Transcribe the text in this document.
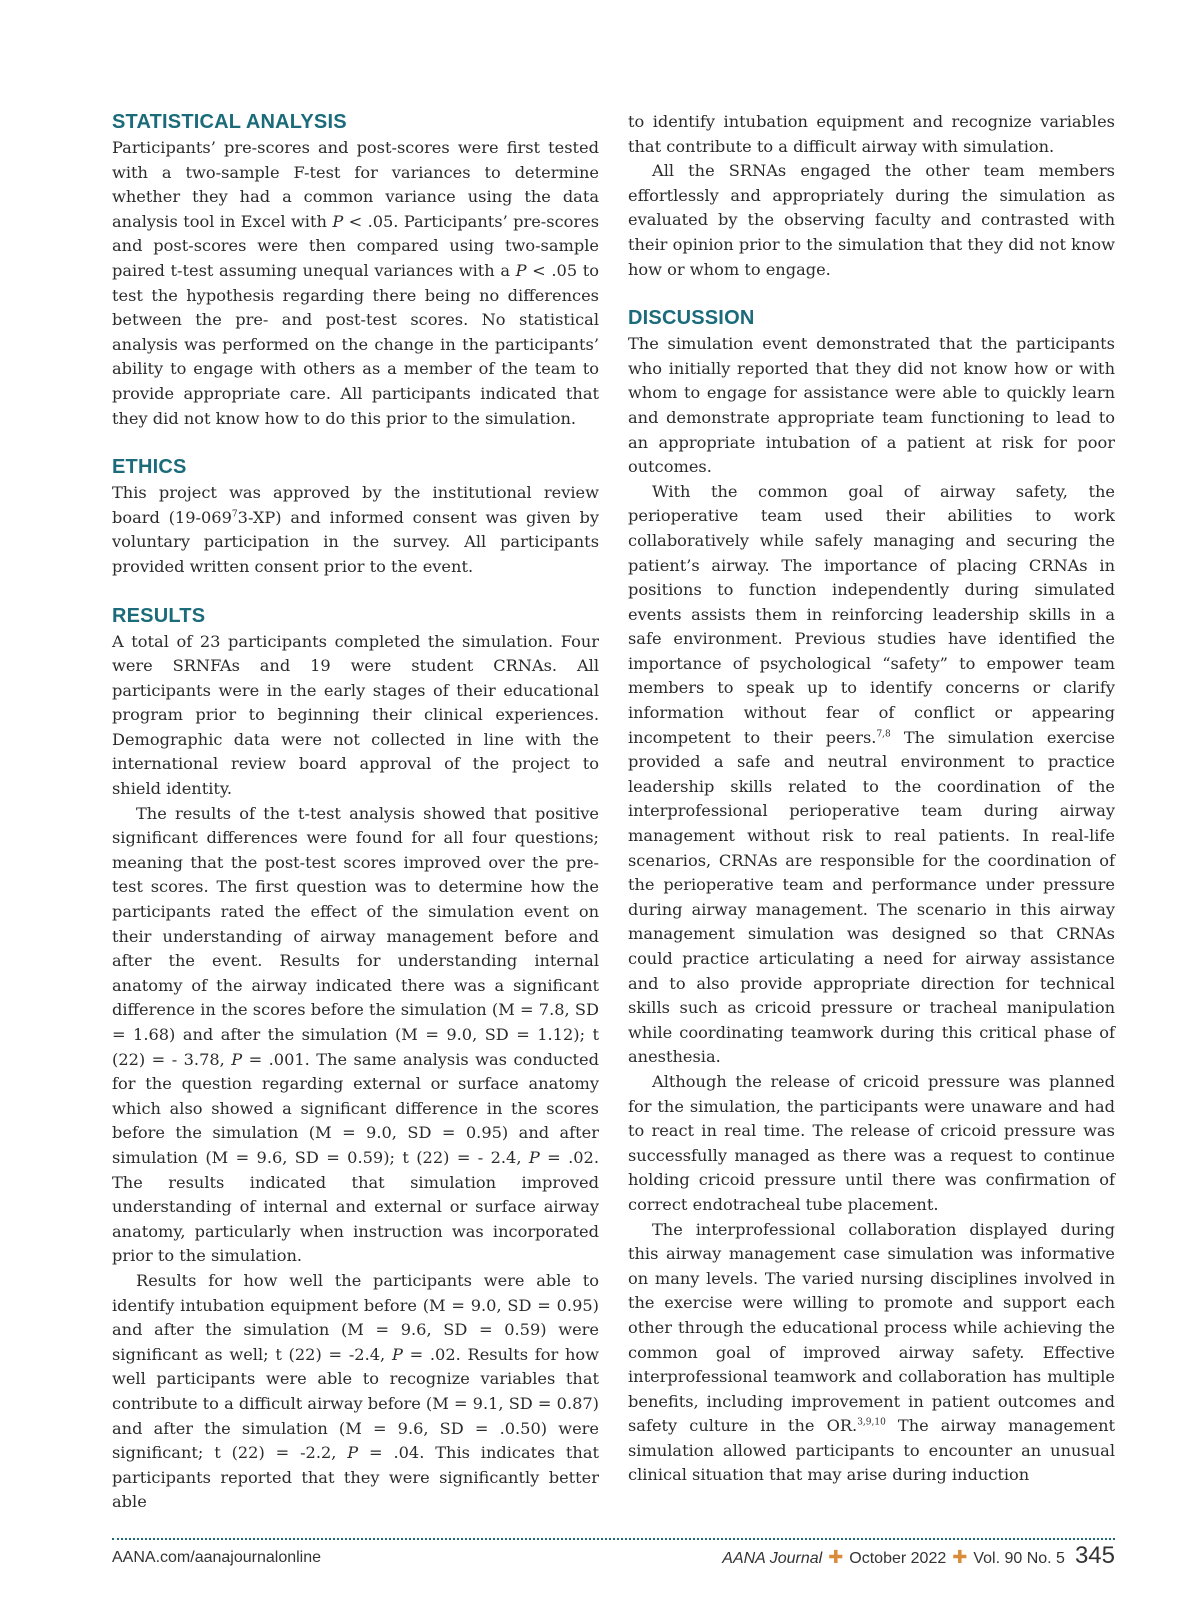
STATISTICAL ANALYSIS

Participants’ pre-scores and post-scores were first tested with a two-sample F-test for variances to determine whether they had a common variance using the data analysis tool in Excel with P < .05. Participants’ pre-scores and post-scores were then compared using two-sample paired t-test assuming unequal variances with a P < .05 to test the hypothesis regarding there being no differences between the pre- and post-test scores. No statistical analysis was performed on the change in the participants’ ability to engage with others as a member of the team to provide appropriate care. All participants indicated that they did not know how to do this prior to the simulation.

ETHICS

This project was approved by the institutional review board $(19-069^73-XP)$ and informed consent was given by voluntary participation in the survey. All participants provided written consent prior to the event.

RESULTS

A total of 23 participants completed the simulation. Four were SRNFAs and 19 were student CRNAs. All participants were in the early stages of their educational program prior to beginning their clinical experiences. Demographic data were not collected in line with the international review board approval of the project to shield identity.

The results of the t-test analysis showed that positive significant differences were found for all four questions; meaning that the post-test scores improved over the pre-test scores. The first question was to determine how the participants rated the effect of the simulation event on their understanding of airway management before and after the event. Results for understanding internal anatomy of the airway indicated there was a significant difference in the scores before the simulation (M = 7.8, SD = 1.68) and after the simulation (M = 9.0, SD = 1.12); t (22) = - 3.78, P = .001. The same analysis was conducted for the question regarding external or surface anatomy which also showed a significant difference in the scores before the simulation (M = 9.0, SD = 0.95) and after simulation (M = 9.6, SD = 0.59); t (22) = - 2.4, P = .02. The results indicated that simulation improved understanding of internal and external or surface airway anatomy, particularly when instruction was incorporated prior to the simulation.

Results for how well the participants were able to identify intubation equipment before (M = 9.0, SD = 0.95) and after the simulation (M = 9.6, SD = 0.59) were significant as well; t (22) = -2.4, P = .02. Results for how well participants were able to recognize variables that contribute to a difficult airway before (M = 9.1, SD = 0.87) and after the simulation (M = 9.6, SD = .0.50) were significant; t (22) = -2.2, P = .04. This indicates that participants reported that they were significantly better able

to identify intubation equipment and recognize variables that contribute to a difficult airway with simulation.

All the SRNAs engaged the other team members effortlessly and appropriately during the simulation as evaluated by the observing faculty and contrasted with their opinion prior to the simulation that they did not know how or whom to engage.

DISCUSSION

The simulation event demonstrated that the participants who initially reported that they did not know how or with whom to engage for assistance were able to quickly learn and demonstrate appropriate team functioning to lead to an appropriate intubation of a patient at risk for poor outcomes.

With the common goal of airway safety, the perioperative team used their abilities to work collaboratively while safely managing and securing the patient’s airway. The importance of placing CRNAs in positions to function independently during simulated events assists them in reinforcing leadership skills in a safe environment. Previous studies have identified the importance of psychological “safety” to empower team members to speak up to identify concerns or clarify information without fear of conflict or appearing incompetent to their peers.$^{7,8}$ The simulation exercise provided a safe and neutral environment to practice leadership skills related to the coordination of the interprofessional perioperative team during airway management without risk to real patients. In real-life scenarios, CRNAs are responsible for the coordination of the perioperative team and performance under pressure during airway management. The scenario in this airway management simulation was designed so that CRNAs could practice articulating a need for airway assistance and to also provide appropriate direction for technical skills such as cricoid pressure or tracheal manipulation while coordinating teamwork during this critical phase of anesthesia.

Although the release of cricoid pressure was planned for the simulation, the participants were unaware and had to react in real time. The release of cricoid pressure was successfully managed as there was a request to continue holding cricoid pressure until there was confirmation of correct endotracheal tube placement.

The interprofessional collaboration displayed during this airway management case simulation was informative on many levels. The varied nursing disciplines involved in the exercise were willing to promote and support each other through the educational process while achieving the common goal of improved airway safety. Effective interprofessional teamwork and collaboration has multiple benefits, including improvement in patient outcomes and safety culture in the OR.$^{3,9,10}$ The airway management simulation allowed participants to encounter an unusual clinical situation that may arise during induction

AANA.com/aanajournalonline	AANA Journal ✚ October 2022 ✚ Vol. 90 No. 5 345
